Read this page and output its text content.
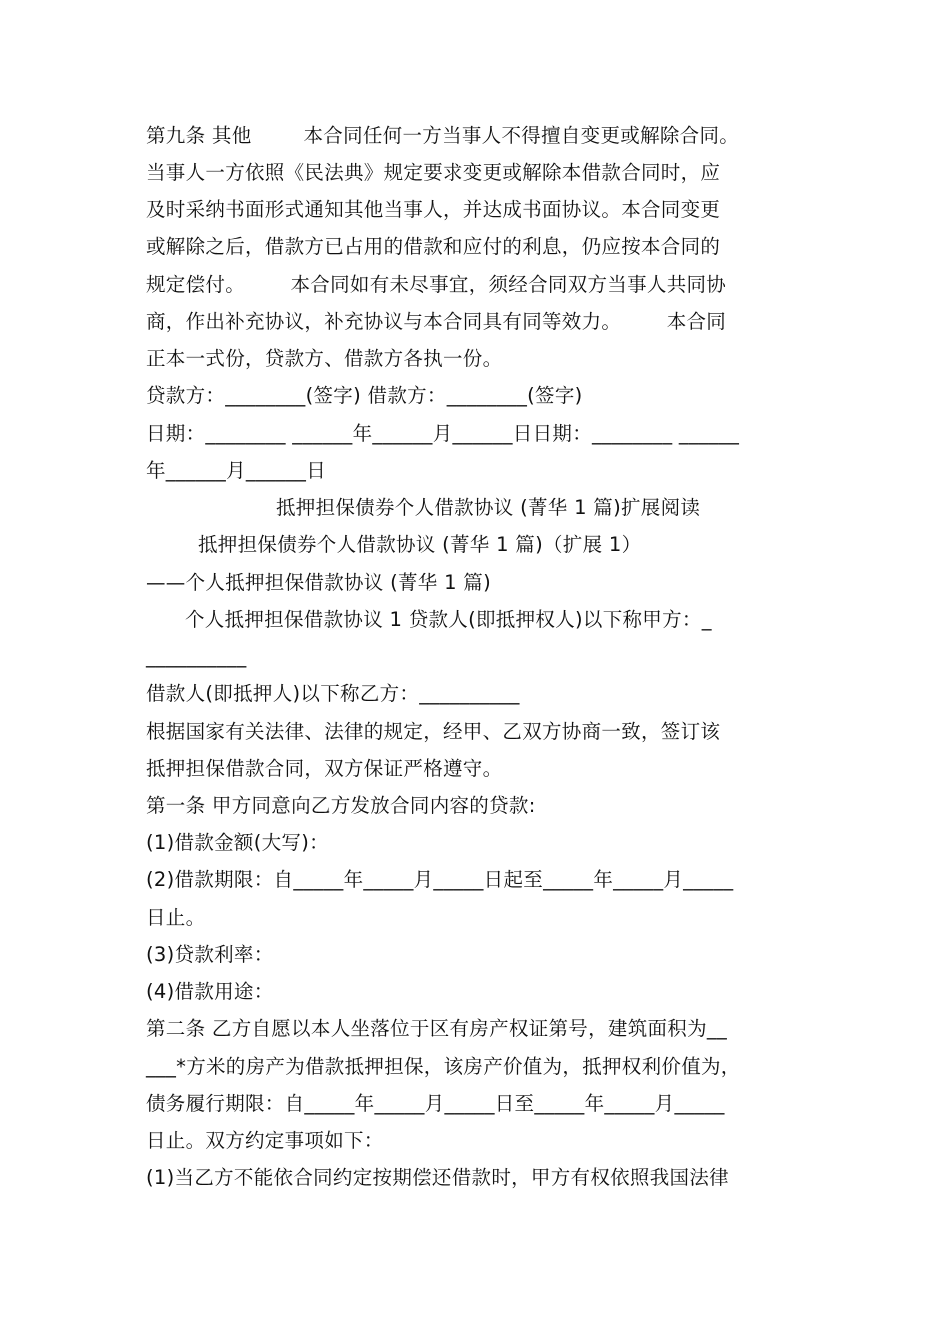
第九条 其他        本合同任何一方当事人不得擅自变更或解除合同。
当事人一方依照《民法典》规定要求变更或解除本借款合同时，应
及时采纳书面形式通知其他当事人，并达成书面协议。本合同变更
或解除之后，借款方已占用的借款和应付的利息，仍应按本合同的
规定偿付。       本合同如有未尽事宜，须经合同双方当事人共同协
商，作出补充协议，补充协议与本合同具有同等效力。       本合同
正本一式份，贷款方、借款方各执一份。
贷款方：________(签字) 借款方：________(签字)
日期：________ ______年______月______日日期：________ ______
年______月______日
抵押担保债券个人借款协议 (菁华 1 篇)扩展阅读
抵押担保债券个人借款协议 (菁华 1 篇)（扩展 1）
——个人抵押担保借款协议 (菁华 1 篇)
个人抵押担保借款协议 1 贷款人(即抵押权人)以下称甲方：_
__________
借款人(即抵押人)以下称乙方：__________
根据国家有关法律、法律的规定，经甲、乙双方协商一致，签订该
抵押担保借款合同，双方保证严格遵守。
第一条 甲方同意向乙方发放合同内容的贷款:
(1)借款金额(大写)：
(2)借款期限：自_____年_____月_____日起至_____年_____月_____
日止。
(3)贷款利率：
(4)借款用途：
第二条 乙方自愿以本人坐落位于区有房产权证第号，建筑面积为__
___*方米的房产为借款抵押担保，该房产价值为，抵押权利价值为，
债务履行期限：自_____年_____月_____日至_____年_____月_____
日止。双方约定事项如下：
(1)当乙方不能依合同约定按期偿还借款时，甲方有权依照我国法律
